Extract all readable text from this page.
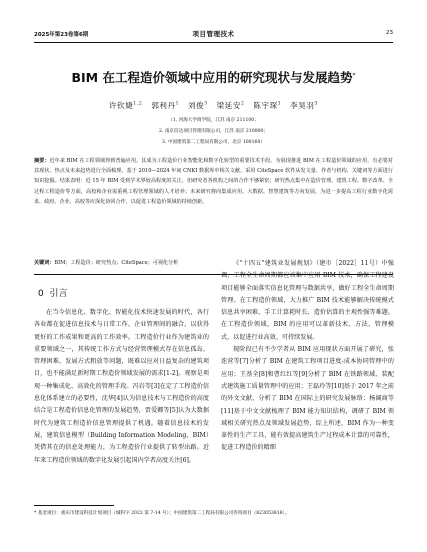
2025年第23卷第6期	项目管理技术	23
BIM 在工程造价领域中应用的研究现状与发展趋势*
许钦婕$^{1,2}$ 郭利丹$^1$ 刘俊$^3$ 梁延安$^2$ 陈宇琛$^1$ 李昊羽$^3$
（1. 河海大学商学院，江苏 南京 211100；
2. 南京信达项目管理有限公司，江苏 南京 210000；
3. 中国建筑第二工程局有限公司，北京 100160）
摘要：近年来 BIM 在工程领域得到普遍应用，其成为工程造价行业智能化和数字化转型的重要技术手段。为展现推进 BIM 在工程造价领域的应用，有必要对其现状、热点及未来趋势进行全面梳理。基于 2010—2024 年间 CNKI 数据库中相关文献，采用 CiteSpace 软件从发文量、作者与机构、关键词等方面进行知识挖掘。结果表明：近 15 年 BIM 受到学术界较高程度的关注，但研究者各机构之间的合作不够紧密；研究热点集中在造价管理、建筑工程、数字改革、全过程工程造价等方面，高校和企业需重视工程管理领域的人才培养；未来研究将向集成应用、大数据、智慧建筑等方向发展。为进一步提高工程行业数字化需求，政府、企业、高校等应深化协同合作，以促进工程造价领域的持续创新。
关键词：BIM；工程造价；研究热点；CiteSpace；可视化分析
0 引言

在当今信息化、数字化、智能化技术快速发展的时代，各行各业都在促进信息技术与日常工作、企业管理间的融合，以获得更好的工作成果和更高的工作效率。工程造价行业作为建筑业的重要领域之一，其传统工作方式与经营管理模式存在信息孤岛、管理困难、发展方式粗放等问题，既难以应对日益复杂的建筑项目，也不能满足新时期工程造价领域发展的需求[1-2]。观察是项观一种集成化、高效化的管理手段。冯岩等[3]在定了工程造价信息化体系建立的必要性，沈华[4]认为信息技术与工程造价的高度结合是工程造价信息化管理的发展趋势，贾爱卿等[5]认为大数据时代为建筑工程造价信息管理提供了机遇。随着信息技术的发展，建筑信息模型（Building Information Modeling，BIM）凭借其在的信息处理能力，为工程造价行业提供了转型出路。近年来工程造价领域的数字化发展引起国内学者高度关注[6]。

《"十四五"建筑业发展规划》（建市［2022］11号）中强调，工程全生命周期都应该集中应用 BIM 技术，确保工程建设项目能够全面落实信息化管理与数据共享，做好工程全生命周期管理。在工程造价领域，大力推广 BIM 技术能够解决传统模式信息共享困难、手工计算耗时长、造价估算的主观性强等难题。在工程造价领域，BIM 的应用可以革新技术、方法、管理模式，以促进行业高效、可持续发展。

现阶段已有不少学者从 BIM 应用现状方面开展了研究，张连营等[7]分析了 BIM 在建筑工程项目进度-成本协同管理中的应用；王基全[8]和曹红红等[9]分析了 BIM 在铁路领域、装配式建筑施工质量管理中的应用；王磊玲等[10]基于 2017 年之前的外文文献，分析了 BIM 在国际上的研究发展脉络；杨阔商等[11]基于中文文献梳理了 BIM 能力知识结构，调研了 BIM 领域相关研究热点及领域发展趋势，综上所述，BIM 作为一种变革性的生产工具，能有效提高建筑生产过程成本计算的可靠性，促进工程造价的精细

* 基金项目：重庆市建设科技计划项目（城科字 2023 第 7-14 号）；中国建筑第二工程局有限公司咨询项目（823053816）。
